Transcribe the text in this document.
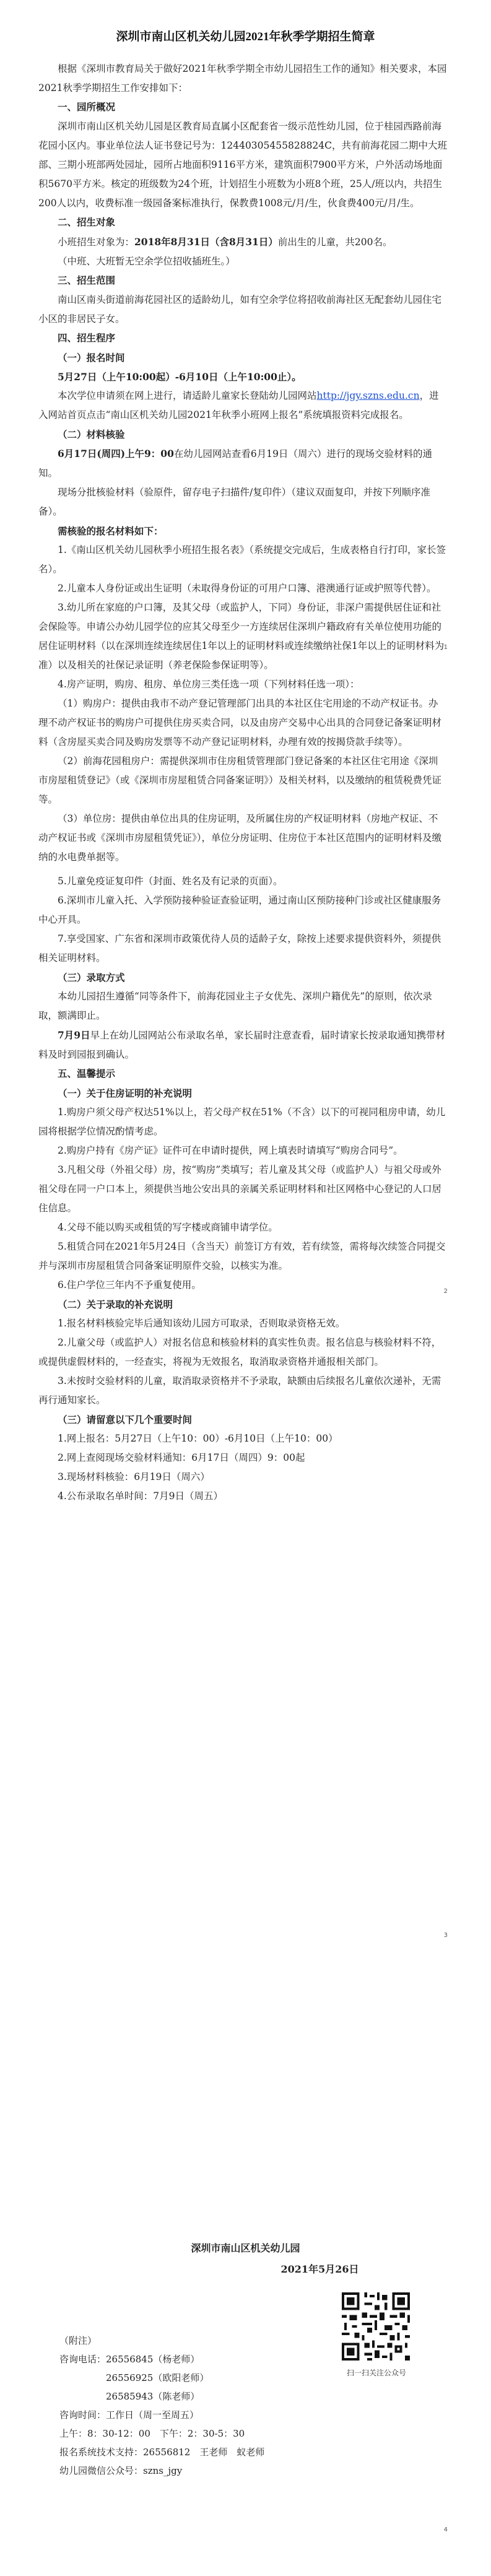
深圳市南山区机关幼儿园2021年秋季学期招生简章

根据《深圳市教育局关于做好2021年秋季学期全市幼儿园招生工作的通知》相关要求，本园2021秋季学期招生工作安排如下：

一、园所概况

深圳市南山区机关幼儿园是区教育局直属小区配套省一级示范性幼儿园，位于桂园西路前海花园小区内。事业单位法人证书登记号为：12440305455828824C，共有前海花园二期中大班部、三期小班部两处园址，园所占地面积9116平方米，建筑面积7900平方米，户外活动场地面积5670平方米。核定的班级数为24个班，计划招生小班数为小班8个班，25人/班以内，共招生200人以内，收费标准一级园备案标准执行，保教费1008元/月/生，伙食费400元/月/生。

二、招生对象

小班招生对象为：2018年8月31日（含8月31日）前出生的儿童，共200名。

（中班、大班暂无空余学位招收插班生。）

三、招生范围

南山区南头街道前海花园社区的适龄幼儿，如有空余学位将招收前海社区无配套幼儿园住宅小区的非居民子女。

四、招生程序

（一）报名时间

5月27日（上午10:00起）-6月10日（上午10:00止）。

本次学位申请须在网上进行，请适龄儿童家长登陆幼儿园网站http://jgy.szns.edu.cn，进入网站首页点击“南山区机关幼儿园2021年秋季小班网上报名”系统填报资料完成报名。

（二）材料核验

6月17日(周四)上午9：00在幼儿园网站查看6月19日（周六）进行的现场交验材料的通知。

现场分批核验材料（验原件，留存电子扫描件/复印件）（建议双面复印，并按下列顺序准备）。

需核验的报名材料如下：

1.《南山区机关幼儿园秋季小班招生报名表》（系统提交完成后，生成表格自行打印，家长签名）。

2.儿童本人身份证或出生证明（未取得身份证的可用户口簿、港澳通行证或护照等代替）。

3.幼儿所在家庭的户口簿，及其父母（或监护人，下同）身份证，非深户需提供居住证和社会保险等。申请公办幼儿园学位的应其父母至少一方连续居住深圳户籍政府有关单位使用功能的居住证明材料（以在深圳连续连续居住1年以上的证明材料或连续缴纳社保1年以上的证明材料为准）以及相关的社保记录证明（养老保险参保证明等）。

4.房产证明，购房、租房、单位房三类任选一项（下列材料任选一项）：

（1）购房户：提供由我市不动产登记管理部门出具的本社区住宅用途的不动产权证书。办理不动产权证书的购房户可提供住房买卖合同，以及由房产交易中心出具的合同登记备案证明材料（含房屋买卖合同及购房发票等不动产登记证明材料，办理有效的按揭贷款手续等）。

（2）前海花园租房户：需提供深圳市住房租赁管理部门登记备案的本社区住宅用途《深圳市房屋租赁登记》（或《深圳市房屋租赁合同备案证明》）及相关材料，以及缴纳的租赁税费凭证等。

（3）单位房：提供由单位出具的住房证明，及所属住房的产权证明材料（房地产权证、不动产权证书或《深圳市房屋租赁凭证》），单位分房证明、住房位于本社区范围内的证明材料及缴纳的水电费单据等。

5.儿童免疫证复印件（封面、姓名及有记录的页面）。

6.深圳市儿童入托、入学预防接种验证查验证明，通过南山区预防接种门诊或社区健康服务中心开具。

7.享受国家、广东省和深圳市政策优待人员的适龄子女，除按上述要求提供资料外，须提供相关证明材料。

（三）录取方式

本幼儿园招生遵循“同等条件下，前海花园业主子女优先、深圳户籍优先”的原则，依次录取，额满即止。

7月9日早上在幼儿园网站公布录取名单，家长届时注意查看，届时请家长按录取通知携带材料及时到园报到确认。

五、温馨提示

（一）关于住房证明的补充说明

1.购房户须父母产权达51%以上，若父母产权在51%（不含）以下的可视同租房申请，幼儿园将根据学位情况酌情考虑。

2.购房户持有《房产证》证件可在申请时提供，网上填表时请填写“购房合同号”。

3.凡租父母（外祖父母）房，按“购房”类填写；若儿童及其父母（或监护人）与祖父母或外祖父母在同一户口本上，须提供当地公安出具的亲属关系证明材料和社区网格中心登记的人口居住信息。

4.父母不能以购买或租赁的写字楼或商铺申请学位。

5.租赁合同在2021年5月24日（含当天）前签订方有效，若有续签，需将每次续签合同提交并与深圳市房屋租赁合同备案证明原件交验，以核实为准。

6.住户学位三年内不予重复使用。

（二）关于录取的补充说明

1.报名材料核验完毕后通知该幼儿园方可取录，否则取录资格无效。

2.儿童父母（或监护人）对报名信息和核验材料的真实性负责。报名信息与核验材料不符，或提供虚假材料的，一经查实，将视为无效报名，取消取录资格并通报相关部门。

3.未按时交验材料的儿童，取消取录资格并不予录取，缺额由后续报名儿童依次递补，无需再行通知家长。

（三）请留意以下几个重要时间

1.网上报名：5月27日（上午10：00）-6月10日（上午10：00）

2.网上查阅现场交验材料通知：6月17日（周四）9：00起

3.现场材料核验：6月19日（周六）

4.公布录取名单时间：7月9日（周五）

1
2
3
深圳市南山区机关幼儿园
2021年5月26日
（附注）
咨询电话：26556845（杨老师）
26556925（欧阳老师）
26585943（陈老师）
咨询时间：工作日（周一至周五）
上午：8：30-12：00　下午：2：30-5：30
报名系统技术支持：26556812　王老师　蚁老师
幼儿园微信公众号：szns_jgy
扫一扫关注公众号
4
